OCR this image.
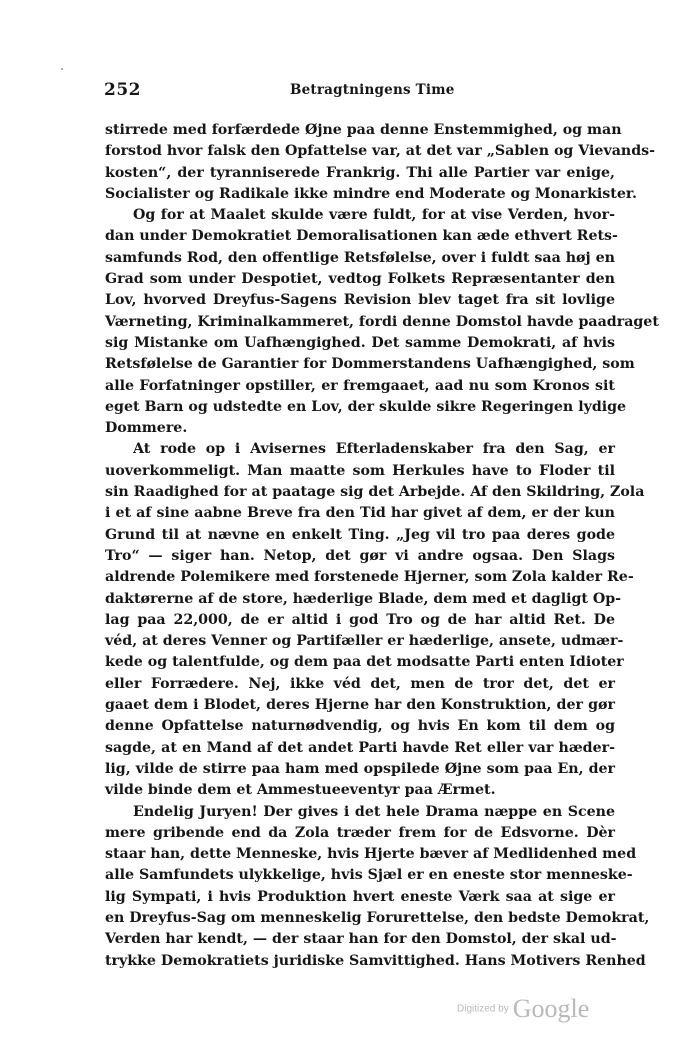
252	Betragtningens Time
stirrede med forfærdede Øjne paa denne Enstemmighed, og man
forstod hvor falsk den Opfattelse var, at det var „Sablen og Vievands-
kosten“, der tyranniserede Frankrig. Thi alle Partier var enige,
Socialister og Radikale ikke mindre end Moderate og Monarkister.
Og for at Maalet skulde være fuldt, for at vise Verden, hvor-
dan under Demokratiet Demoralisationen kan æde ethvert Rets-
samfunds Rod, den offentlige Retsfølelse, over i fuldt saa høj en
Grad som under Despotiet, vedtog Folkets Repræsentanter den
Lov, hvorved Dreyfus-Sagens Revision blev taget fra sit lovlige
Værneting, Kriminalkammeret, fordi denne Domstol havde paadraget
sig Mistanke om Uafhængighed. Det samme Demokrati, af hvis
Retsfølelse de Garantier for Dommerstandens Uafhængighed, som
alle Forfatninger opstiller, er fremgaaet, aad nu som Kronos sit
eget Barn og udstedte en Lov, der skulde sikre Regeringen lydige
Dommere.
At rode op i Avisernes Efterladenskaber fra den Sag, er
uoverkommeligt. Man maatte som Herkules have to Floder til
sin Raadighed for at paatage sig det Arbejde. Af den Skildring, Zola
i et af sine aabne Breve fra den Tid har givet af dem, er der kun
Grund til at nævne en enkelt Ting. „Jeg vil tro paa deres gode
Tro“ — siger han. Netop, det gør vi andre ogsaa. Den Slags
aldrende Polemikere med forstenede Hjerner, som Zola kalder Re-
daktørerne af de store, hæderlige Blade, dem med et dagligt Op-
lag paa 22,000, de er altid i god Tro og de har altid Ret. De
véd, at deres Venner og Partifæller er hæderlige, ansete, udmær-
kede og talentfulde, og dem paa det modsatte Parti enten Idioter
eller Forrædere. Nej, ikke véd det, men de tror det, det er
gaaet dem i Blodet, deres Hjerne har den Konstruktion, der gør
denne Opfattelse naturnødvendig, og hvis En kom til dem og
sagde, at en Mand af det andet Parti havde Ret eller var hæder-
lig, vilde de stirre paa ham med opspilede Øjne som paa En, der
vilde binde dem et Ammestueeventyr paa Ærmet.
Endelig Juryen! Der gives i det hele Drama næppe en Scene
mere gribende end da Zola træder frem for de Edsvorne. Dèr
staar han, dette Menneske, hvis Hjerte bæver af Medlidenhed med
alle Samfundets ulykkelige, hvis Sjæl er en eneste stor menneske-
lig Sympati, i hvis Produktion hvert eneste Værk saa at sige er
en Dreyfus-Sag om menneskelig Forurettelse, den bedste Demokrat,
Verden har kendt, — der staar han for den Domstol, der skal ud-
trykke Demokratiets juridiske Samvittighed. Hans Motivers Renhed
Digitized by Google
